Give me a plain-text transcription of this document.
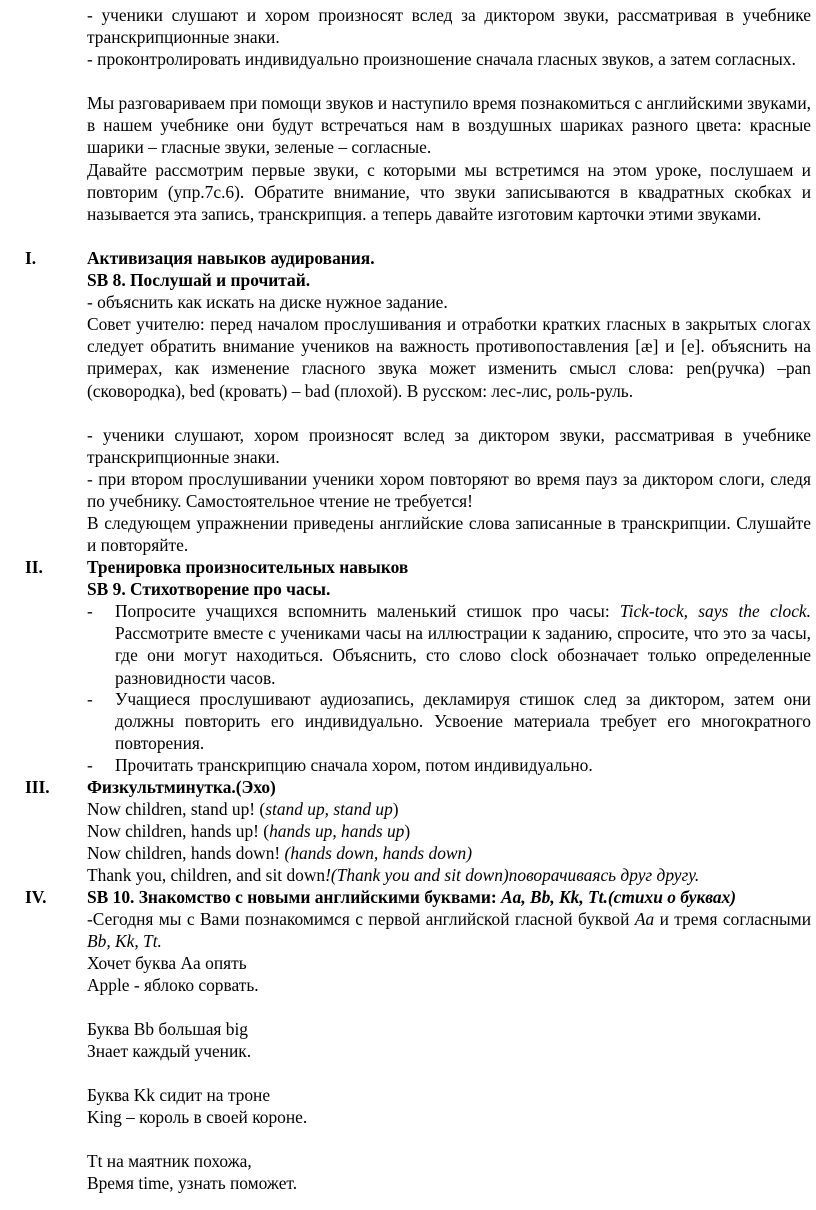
- ученики слушают и хором произносят вслед за диктором звуки, рассматривая в учебнике транскрипционные знаки.

- проконтролировать индивидуально произношение сначала гласных звуков, а затем согласных.

Мы разговариваем при помощи звуков и наступило время познакомиться с английскими звуками, в нашем учебнике они будут встречаться нам в воздушных шариках разного цвета: красные шарики – гласные звуки, зеленые – согласные.

Давайте рассмотрим первые звуки, с которыми мы встретимся на этом уроке, послушаем и повторим (упр.7с.6). Обратите внимание, что звуки записываются в квадратных скобках и называется эта запись, транскрипция. а теперь давайте изготовим карточки этими звуками.

I.	Активизация навыков аудирования.

SB 8. Послушай и прочитай.

- объяснить как искать на диске нужное задание.

Совет учителю: перед началом прослушивания и отработки кратких гласных в закрытых слогах следует обратить внимание учеников на важность противопоставления [æ] и [e]. объяснить на примерах, как изменение гласного звука может изменить смысл слова: pen(ручка) –pan (сковородка), bed (кровать) – bad (плохой). В русском: лес-лис, роль-руль.

- ученики слушают, хором произносят вслед за диктором звуки, рассматривая в учебнике транскрипционные знаки.

- при втором прослушивании ученики хором повторяют во время пауз за диктором слоги, следя по учебнику. Самостоятельное чтение не требуется!

В следующем упражнении приведены английские слова записанные в транскрипции. Слушайте и повторяйте.

II.	Тренировка произносительных навыков

SB 9. Стихотворение про часы.

- Попросите учащихся вспомнить маленький стишок про часы: Tick-tock, says the clock. Рассмотрите вместе с учениками часы на иллюстрации к заданию, спросите, что это за часы, где они могут находиться. Объяснить, сто слово clock обозначает только определенные разновидности часов.

- Учащиеся прослушивают аудиозапись, декламируя стишок след за диктором, затем они должны повторить его индивидуально. Усвоение материала требует его многократного повторения.

- Прочитать транскрипцию сначала хором, потом индивидуально.

III. Физкультминутка.(Эхо)

Now children, stand up! (stand up, stand up)

Now children, hands up! (hands up, hands up)

Now children, hands down! (hands down, hands down)

Thank you, children, and sit down!(Thank you and sit down)поворачиваясь друг другу.

IV. SB 10. Знакомство с новыми английскими буквами: Aa, Bb, Kk, Tt.(стихи о буквах)

-Сегодня мы с Вами познакомимся с первой английской гласной буквой Aa и тремя согласными Bb, Kk, Tt.

Хочет буква Aa опять

Apple - яблоко сорвать.

Буква Bb большая big

Знает каждый ученик.

Буква Kk сидит на троне

King – король в своей короне.

Tt на маятник похожа,

Время time, узнать поможет.
